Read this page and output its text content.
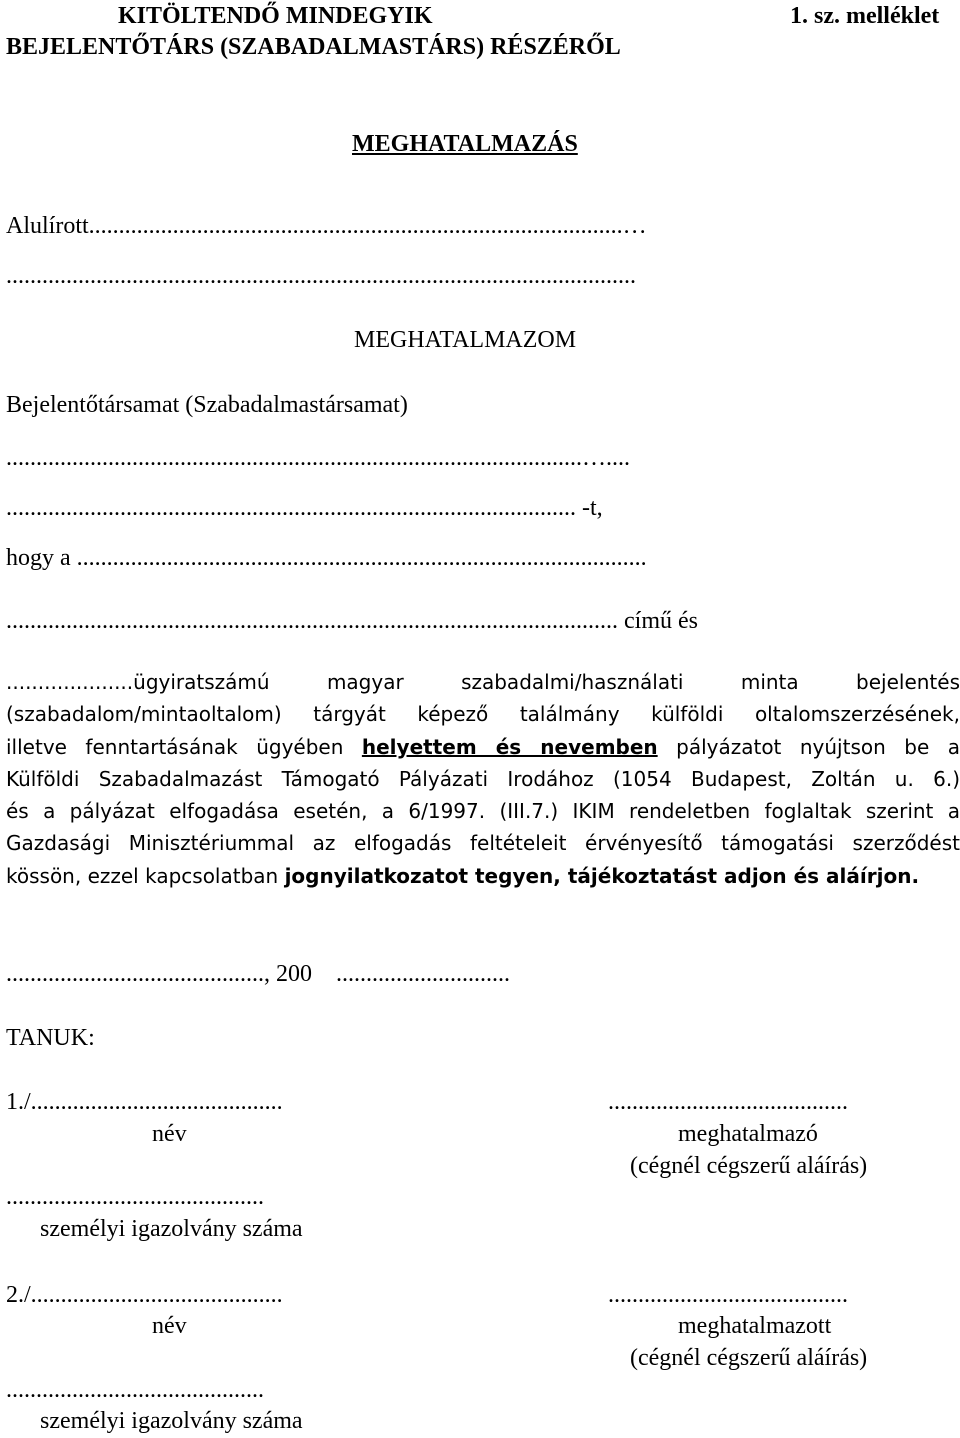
KITÖLTENDŐ MINDEGYIK
BEJELENTŐTÁRS (SZABADALMASTÁRS) RÉSZÉRŐL
1. sz. melléklet
MEGHATALMAZÁS
Alulírott.........................................................................................…
.........................................................................................................
MEGHATALMAZOM
Bejelentőtársamat (Szabadalmastársamat)
................................................................................................…....
............................................................................................... -t,
hogy a ...............................................................................................
...................................................................................................... című és
....................ügyiratszámú magyar szabadalmi/használati minta bejelentés
(szabadalom/mintaoltalom) tárgyát képező találmány külföldi oltalomszerzésének,
illetve fenntartásának ügyében helyettem és nevemben pályázatot nyújtson be a
Külföldi Szabadalmazást Támogató Pályázati Irodához (1054 Budapest, Zoltán u. 6.)
és a pályázat elfogadása esetén, a 6/1997. (III.7.) IKIM rendeletben foglaltak szerint a
Gazdasági Minisztériummal az elfogadás feltételeit érvényesítő támogatási szerződést
kössön, ezzel kapcsolatban jognyilatkozatot tegyen, tájékoztatást adjon és aláírjon.
..........................................., 200    .............................
TANUK:
1./..........................................
név
...........................................
személyi igazolvány száma
2./..........................................
név
...........................................
személyi igazolvány száma
........................................
meghatalmazó
(cégnél cégszerű aláírás)
........................................
meghatalmazott
(cégnél cégszerű aláírás)
